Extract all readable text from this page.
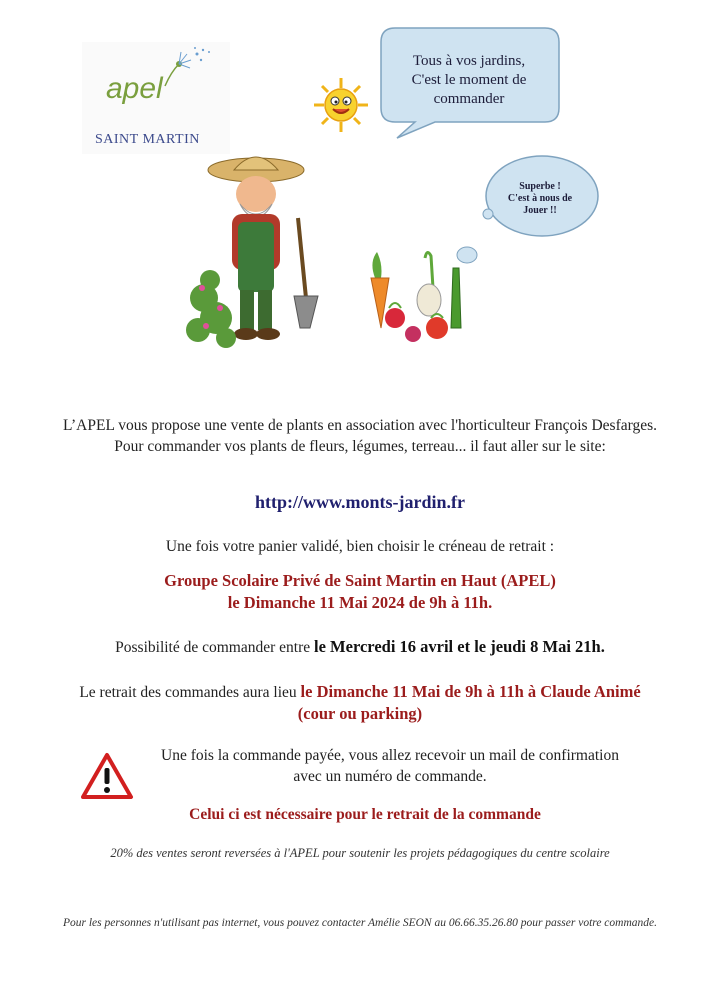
apel
SAINT MARTIN
Tous à vos jardins,
C'est le moment de
commander
Superbe !
C'est à nous de
Jouer !!
L’APEL vous propose une vente de plants en association avec l'horticulteur François Desfarges. Pour commander vos plants de fleurs, légumes, terreau... il faut aller sur le site:
http://www.monts-jardin.fr
Une fois votre panier validé, bien choisir le créneau de retrait :
Groupe Scolaire Privé de Saint Martin en Haut (APEL)
le Dimanche 11 Mai 2024 de 9h à 11h.
Possibilité de commander entre le Mercredi 16 avril et le jeudi 8 Mai 21h.
Le retrait des commandes aura lieu le Dimanche 11 Mai de 9h à 11h à Claude Animé (cour ou parking)
Une fois la commande payée, vous allez recevoir un mail de confirmation avec un numéro de commande.
Celui ci est nécessaire pour le retrait de la commande
20% des ventes seront reversées à l'APEL pour soutenir les projets pédagogiques du centre scolaire
Pour les personnes n'utilisant pas internet, vous pouvez contacter Amélie SEON au 06.66.35.26.80 pour passer votre commande.
